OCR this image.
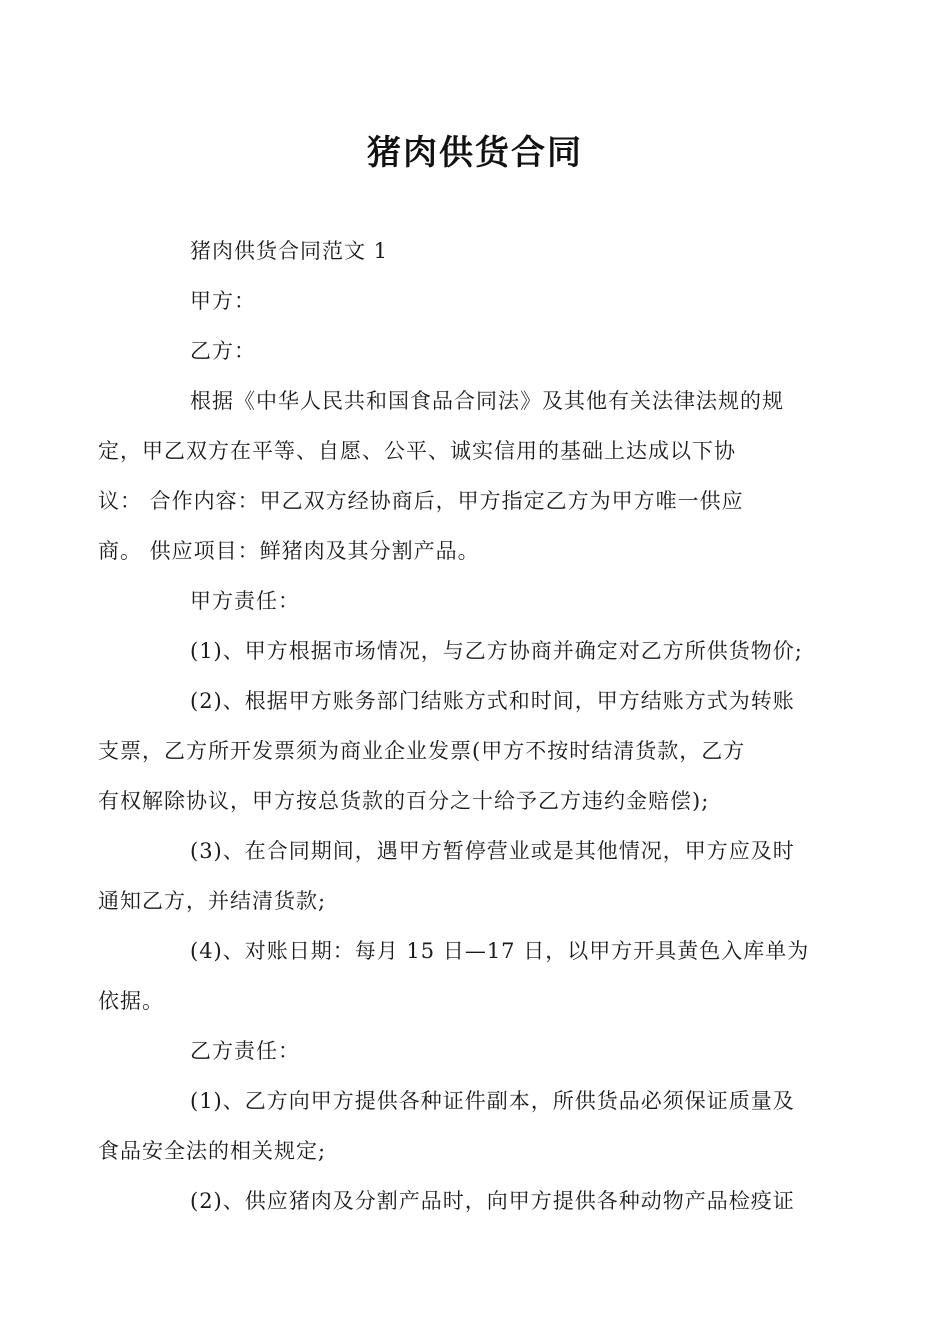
猪肉供货合同

猪肉供货合同范文 1

甲方：

乙方：

根据《中华人民共和国食品合同法》及其他有关法律法规的规
定，甲乙双方在平等、自愿、公平、诚实信用的基础上达成以下协
议： 合作内容：甲乙双方经协商后，甲方指定乙方为甲方唯一供应
商。 供应项目：鲜猪肉及其分割产品。

甲方责任：

(1)、甲方根据市场情况，与乙方协商并确定对乙方所供货物价;

(2)、根据甲方账务部门结账方式和时间，甲方结账方式为转账
支票，乙方所开发票须为商业企业发票(甲方不按时结清货款，乙方
有权解除协议，甲方按总货款的百分之十给予乙方违约金赔偿);

(3)、在合同期间，遇甲方暂停营业或是其他情况，甲方应及时
通知乙方，并结清货款;

(4)、对账日期：每月 15 日—17 日，以甲方开具黄色入库单为
依据。

乙方责任：

(1)、乙方向甲方提供各种证件副本，所供货品必须保证质量及
食品安全法的相关规定;

(2)、供应猪肉及分割产品时，向甲方提供各种动物产品检疫证
